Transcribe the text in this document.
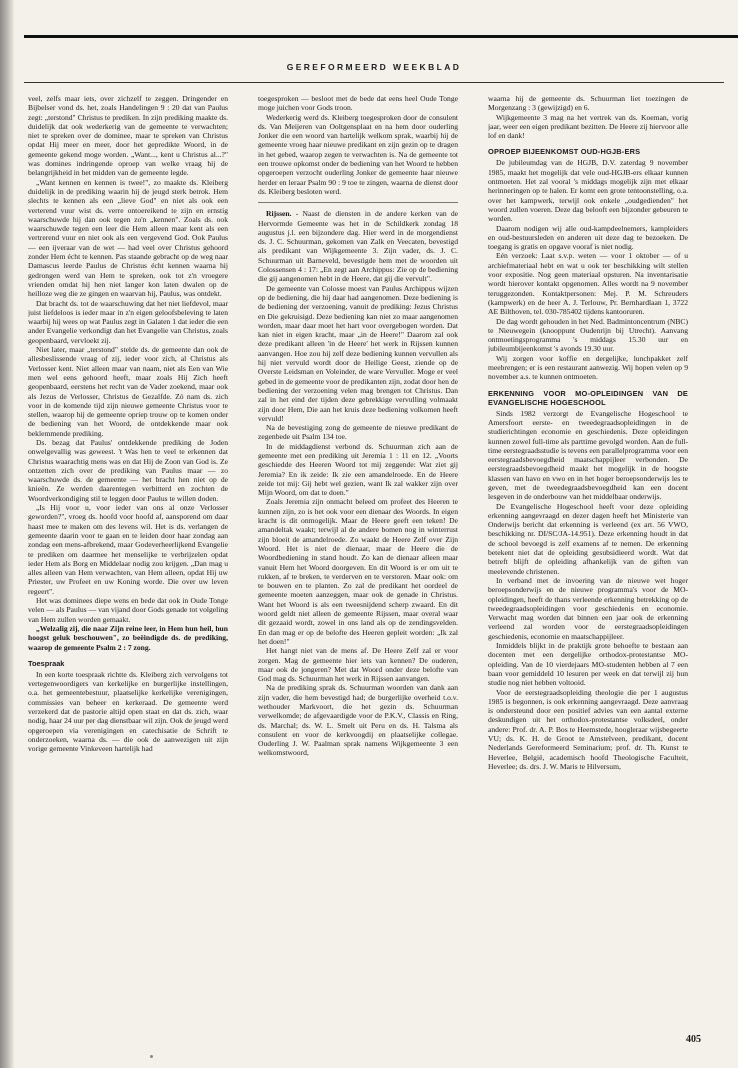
GEREFORMEERD WEEKBLAD

veel, zelfs maar iets, over zichzelf te zeggen. Dringender en Bijbelser vond ds. het, zoals Handelingen 9 : 20 dat van Paulus zegt: „terstond" Christus te prediken. In zijn prediking maakte ds. duidelijk dat ook wederkerig van de gemeente te verwachten; niet te spreken over de dominee, maar te spreken van Christus opdat Hij meer en meer, door het gepredikte Woord, in de gemeente gekend moge worden. „Want..., kent u Christus al...?" was domines indringende oproep van welke vraag hij de belangrijkheid in het midden van de gemeente legde.

„Want kennen en kennen is twee!", zo maakte ds. Kleiberg duidelijk in de prediking waarin hij de jeugd sterk betrok. Hem slechts te kennen als een „lieve God" en niet als ook een verterend vuur wist ds. verre ontoereikend te zijn en ernstig waarschuwde hij dan ook tegen zo'n „kennen". Zoals ds. ook waarschuwde tegen een leer die Hem alleen maar kent als een vertrerend vuur en niet ook als een vergevend God. Ook Paulus — een ijveraar van de wet — had veel over Christus gehoord zonder Hem écht te kennen. Pas staande gebracht op de weg naar Damascus leerde Paulus de Christus écht kennen waarna hij gedrongen werd van Hem te spreken, ook tot z'n vroegere vrienden omdat hij hen niet langer kon laten dwalen op de heilloze weg die ze gingen en waarvan hij, Paulus, was ontdekt.

Dat bracht ds. tot de waarschuwing dat het niet liefdevol, maar juist liefdeloos is ieder maar in z'n eigen geloofsbeleving te laten waarbij hij wees op wat Paulus zegt in Galaten 1 dat ieder die een ander Evangelie verkondigt dan het Evangelie van Christus, zoals geopenbaard, vervloekt zij.

Niet later, maar „terstond" stelde ds. de gemeente dan ook de allesbeslissende vraag of zij, ieder voor zich, al Christus als Verlosser kent. Niet alleen maar van naam, niet als Een van Wie men wel eens gehoord heeft, maar zoals Hij Zich heeft geopenbaard, eerstens het recht van de Vader zoekend, maar ook als Jezus de Verlosser, Christus de Gezalfde. Zó nam ds. zich voor in de komende tijd zijn nieuwe gemeente Christus voor te stellen, waarop hij de gemeente opriep trouw op te komen onder de bediening van het Woord, de ontdekkende maar ook beklemmende prediking.

Ds. bezag dat Paulus' ontdekkende prediking de Joden onwelgevallig was geweest. 't Was hen te veel te erkennen dat Christus waarachtig mens was en dat Hij de Zoon van God is. Ze ontzetten zich over de prediking van Paulus maar — zo waarschuwde ds. de gemeente — het bracht hen niet op de knieën. Ze werden daarentegen verbitterd en zochten de Woordverkondiging stil te leggen door Paulus te willen doden.

„Is Hij voor u, voor ieder van ons al onze Verlosser geworden?", vroeg ds. hoofd voor hoofd af, aansporend om daar haast mee te maken om des levens wil. Het is ds. verlangen de gemeente daarin voor te gaan en te leiden door haar zondag aan zondag een mens-afbrekend, maar Godeverheerlijkend Evangelie te prediken om daarmee het menselijke te verbrijzelen opdat ieder Hem als Borg en Middelaar nodig zou krijgen. „Dan mag u alles alleen van Hem verwachten, van Hem alleen, opdat Hij uw Priester, uw Profeet en uw Koning worde. Die over uw leven regeert".

Het was dominees diepe wens en bede dat ook in Oude Tonge velen — als Paulus — van vijand door Gods genade tot volgeling van Hem zullen worden gemaakt.

„Welzalig zij, die naar Zijn reine leer, in Hem hun heil, hun hoogst geluk beschouwen", zo beëindigde ds. de prediking, waarop de gemeente Psalm 2 : 7 zong.

Toespraak

In een korte toespraak richtte ds. Kleiberg zich vervolgens tot vertegenwoordigers van kerkelijke en burgerlijke instellingen, o.a. het gemeentebestuur, plaatselijke kerkelijke verenigingen, commissies van beheer en kerkeraad. De gemeente werd verzekerd dat de pastorie altijd open staat en dat ds. zich, waar nodig, haar 24 uur per dag dienstbaar wil zijn. Ook de jeugd werd opgeroepen via verenigingen en catechisatie de Schrift te onderzoeken, waarna ds. — die ook de aanwezigen uit zijn vorige gemeente Vinkeveen hartelijk had

toegesproken — besloot met de bede dat eens heel Oude Tonge moge juichen voor Gods troon.

Wederkerig werd ds. Kleiberg toegesproken door de consulent ds. Van Meijeren van Ooltgensplaat en na hem door ouderling Jonker die een woord van hartelijk welkom sprak, waarbij hij de gemeente vroeg haar nieuwe predikant en zijn gezin op te dragen in het gebed, waarop zegen te verwachten is. Na de gemeente tot een trouwe opkomst onder de bediening van het Woord te hebben opgeroepen verzocht ouderling Jonker de gemeente haar nieuwe herder en leraar Psalm 90 : 9 toe te zingen, waarna de dienst door ds. Kleiberg besloten werd.

Rijssen. - Naast de diensten in de andere kerken van de Hervormde Gemeente was het in de Schildkerk zondag 18 augustus j.l. een bijzondere dag. Hier werd in de morgendienst ds. J. C. Schuurman, gekomen van Zalk en Veecaten, bevestigd als predikant van Wijkgemeente 3. Zijn vader, ds. J. C. Schuurman uit Barneveld, bevestigde hem met de woorden uit Colossensen 4 : 17: „En zegt aan Archippus: Zie op de bediening die gij aangenomen hebt in de Heere, dat gij die vervult".

De gemeente van Colosse moest van Paulus Archippus wijzen op de bediening, die hij daar had aangenomen. Deze bediening is de bediening der verzoening, vanuit de prediking: Jezus Christus en Die gekruisigd. Deze bediening kan niet zo maar aangenomen worden, maar daar moet het hart voor overgebogen worden. Dat kan niet in eigen kracht, maar „in de Heere!" Daarom zal ook deze predikant alleen 'in de Heere' het werk in Rijssen kunnen aanvangen. Hoe zou hij zelf deze bediening kunnen vervullen als hij niet vervuld wordt door de Heilige Geest, ziende op de Overste Leidsman en Voleinder, de ware Vervuller. Moge er veel gebed in de gemeente voor de predikanten zijn, zodat door hen de bediening der verzoening velen mag brengen tot Christus. Dan zal in het eind der tijden deze gebrekkige vervulling volmaakt zijn door Hem, Die aan het kruis deze bediening volkomen heeft vervuld!

Na de bevestiging zong de gemeente de nieuwe predikant de zegenbede uit Psalm 134 toe.

In de middagdienst verbond ds. Schuurman zich aan de gemeente met een prediking uit Jeremia 1 : 11 en 12. „Voorts geschiedde des Heeren Woord tot mij zeggende: Wat ziet gij Jeremia? En ik zeide: Ik zie een amandelroede. En de Heere zeide tot mij: Gij hebt wel gezien, want Ik zal wakker zijn over Mijn Woord, om dat te doen."

Zoals Jeremia zijn onmacht beleed om profeet des Heeren te kunnen zijn, zo is het ook voor een dienaar des Woords. In eigen kracht is dit onmogelijk. Maar de Heere geeft een teken! De amandeltak waakt; terwijl al de andere bomen nog in winterrust zijn bloeit de amandelroede. Zo waakt de Heere Zelf over Zijn Woord. Het is niet de dienaar, maar de Heere die de Woordbediening in stand houdt. Zo kan de dienaar alleen maar vanuit Hem het Woord doorgeven. En dit Woord is er om uit te rukken, af te breken, te verderven en te verstoren. Maar ook: om te bouwen en te planten. Zo zal de predikant het oordeel de gemeente moeten aanzeggen, maar ook de genade in Christus. Want het Woord is als een tweesnijdend scherp zwaard. En dit woord geldt niet alleen de gemeente Rijssen, maar overal waar dit gezaaid wordt, zowel in ons land als op de zendingsvelden. En dan mag er op de belofte des Heeren gepleit worden: „Ik zal het doen!"

Het hangt niet van de mens af. De Heere Zelf zal er voor zorgen. Mag de gemeente hier iets van kennen? De ouderen, maar ook de jongeren? Met dat Woord onder deze belofte van God mag ds. Schuurman het werk in Rijssen aanvangen.

Na de prediking sprak ds. Schuurman woorden van dank aan zijn vader, die hem bevestigd had; de burgerlijke overheid t.o.v. wethouder Markvoort, die het gezin ds. Schuurman verwelkomde; de afgevaardigde voor de P.K.V., Classis en Ring, ds. Marchal; ds. W. L. Smelt uit Peru en ds. H. Talsma als consulent en voor de kerkvoogdij en plaatselijke collegae. Ouderling J. W. Paalman sprak namens Wijkgemeente 3 een welkomstwoord,

waarna hij de gemeente ds. Schuurman liet toezingen de Morgenzang : 3 (gewijzigd) en 6.

Wijkgemeente 3 mag na het vertrek van ds. Koeman, vorig jaar, weer een eigen predikant bezitten. De Heere zij hiervoor alle lof en dank!

OPROEP BIJEENKOMST OUD-HGJB-ERS

De jubileumdag van de HGJB, D.V. zaterdag 9 november 1985, maakt het mogelijk dat vele oud-HGJB-ers elkaar kunnen ontmoeten. Het zal vooral 's middags mogelijk zijn met elkaar herinneringen op te halen. Er komt een grote tentoonstelling, o.a. over het kampwerk, terwijl ook enkele „oudgedienden" het woord zullen voeren. Deze dag belooft een bijzonder gebeuren te worden.

Daarom nodigen wij alle oud-kampdeelnemers, kampleiders en oud-bestuursleden en anderen uit deze dag te bezoeken. De toegang is gratis en opgave vooraf is niet nodig.

Eén verzoek: Laat s.v.p. weten — voor 1 oktober — of u archiefmateriaal hebt en wat u ook ter beschikking wilt stellen voor expositie. Nog geen materiaal opsturen. Na inventarisatie wordt hierover kontakt opgenomen. Alles wordt na 9 november teruggezonden. Kontaktpersonen: Mej. P. M. Schreuders (kampwerk) en de heer A. J. Terlouw, Pr. Bernhardlaan 1, 3722 AE Bilthoven, tel. 030-785402 tijdens kantooruren.

De dag wordt gehouden in het Ned. Badmintoncentrum (NBC) te Nieuwegein (knooppunt Oudenrijn bij Utrecht). Aanvang ontmoetingsprogramma 's middags 15.30 uur en jubileumbijeenkomst 's avonds 19.30 uur.

Wij zorgen voor koffie en dergelijke, lunchpakket zelf meebrengen; er is een restaurant aanwezig. Wij hopen velen op 9 november a.s. te kunnen ontmoeten.

ERKENNING VOOR MO-OPLEIDINGEN VAN DE EVANGELISCHE HOGESCHOOL

Sinds 1982 verzorgt de Evangelische Hogeschool te Amersfoort eerste- en tweedegraadsopleidingen in de studierichtingen economie en geschiedenis. Deze opleidingen kunnen zowel full-time als parttime gevolgd worden. Aan de full-time eerstegraadsstudie is tevens een parallelprogramma voor een eerstegraadsbevoegdheid maatschappijleer verbonden. De eerstegraadsbevoegdheid maakt het mogelijk in de hoogste klassen van havo en vwo en in het hoger beroepsonderwijs les te geven, met de tweedegraadsbevoegdheid kan een docent lesgeven in de onderbouw van het middelbaar onderwijs.

De Evangelische Hogeschool heeft voor deze opleiding erkenning aangevraagd en dezer dagen heeft het Ministerie van Onderwijs bericht dat erkenning is verleend (ex art. 56 VWO, beschikking nr. DI/SC/JA-14.951). Deze erkenning houdt in dat de school bevoegd is zelf examens af te nemen. De erkenning betekent niet dat de opleiding gesubsidieerd wordt. Wat dat betreft blijft de opleiding afhankelijk van de giften van meelevende christenen.

In verband met de invoering van de nieuwe wet hoger beroepsonderwijs en de nieuwe programma's voor de MO-opleidingen, heeft de thans verleende erkenning betrekking op de tweedegraadsopleidingen voor geschiedenis en economie. Verwacht mag worden dat binnen een jaar ook de erkenning verleend zal worden voor de eerstegraadsopleidingen geschiedenis, economie en maatschappijleer.

Inmiddels blijkt in de praktijk grote behoefte te bestaan aan docenten met een dergelijke orthodox-protestantse MO-opleiding. Van de 10 vierdejaars MO-studenten hebben al 7 een baan voor gemiddeld 10 lesuren per week en dat terwijl zij hun studie nog niet hebben voltooid.

Voor de eerstegraadsopleiding theologie die per 1 augustus 1985 is begonnen, is ook erkenning aangevraagd. Deze aanvraag is ondersteund door een positief advies van een aantal externe deskundigen uit het orthodox-protestantse volksdeel, onder andere: Prof. dr. A. P. Bos te Heemstede, hoogleraar wijsbegeerte VU; ds. K. H. de Groot te Amstelveen, predikant, docent Nederlands Gereformeerd Seminarium; prof. dr. Th. Kunst te Heverlee, België, academisch hoofd Theologische Faculteit, Heverlee; ds. drs. J. W. Maris te Hilversum,

405
